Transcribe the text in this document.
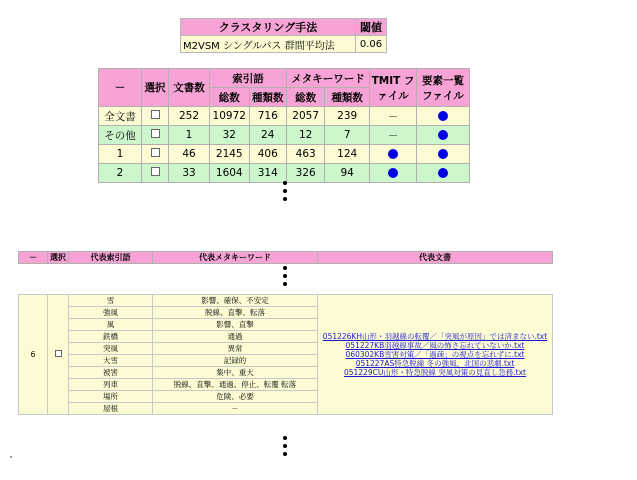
クラスタリング手法	閾値
M2VSM シングルパス 群間平均法	0.06
－	選択	文書数	索引語		メタキーワード		TMIT ファイル	要素一覧 ファイル
			総数	種類数	総数	種類数		
全文書		252	10972	716	2057	239	－	
その他		1	32	24	12	7	－	
1		46	2145	406	463	124		
2		33	1604	314	326	94		
－	選択	代表索引語	代表メタキーワード	代表文書
6		雪	影響、確保、不安定	051226KH山形・羽越線の転覆／「突風が原因」では済まない.txt
051227KB羽越線事故／風の怖さ忘れていないか.txt
060302KB雪害対策／「過疎」の視点を忘れずに.txt
051227AS特急脱線 冬の強風、北国の悲劇.txt
051229CU山形・特急脱線 突風対策の見直し急務.txt

		強風	脱線、直撃、転落	
		風	影響、直撃	
		鉄橋	通過	
		突風	異常	
		大雪	記録的	
		被害	集中、重大	
		列車	脱線、直撃、通過、停止、転覆 転落	
		場所	危険、必要	
		屋根	－	
